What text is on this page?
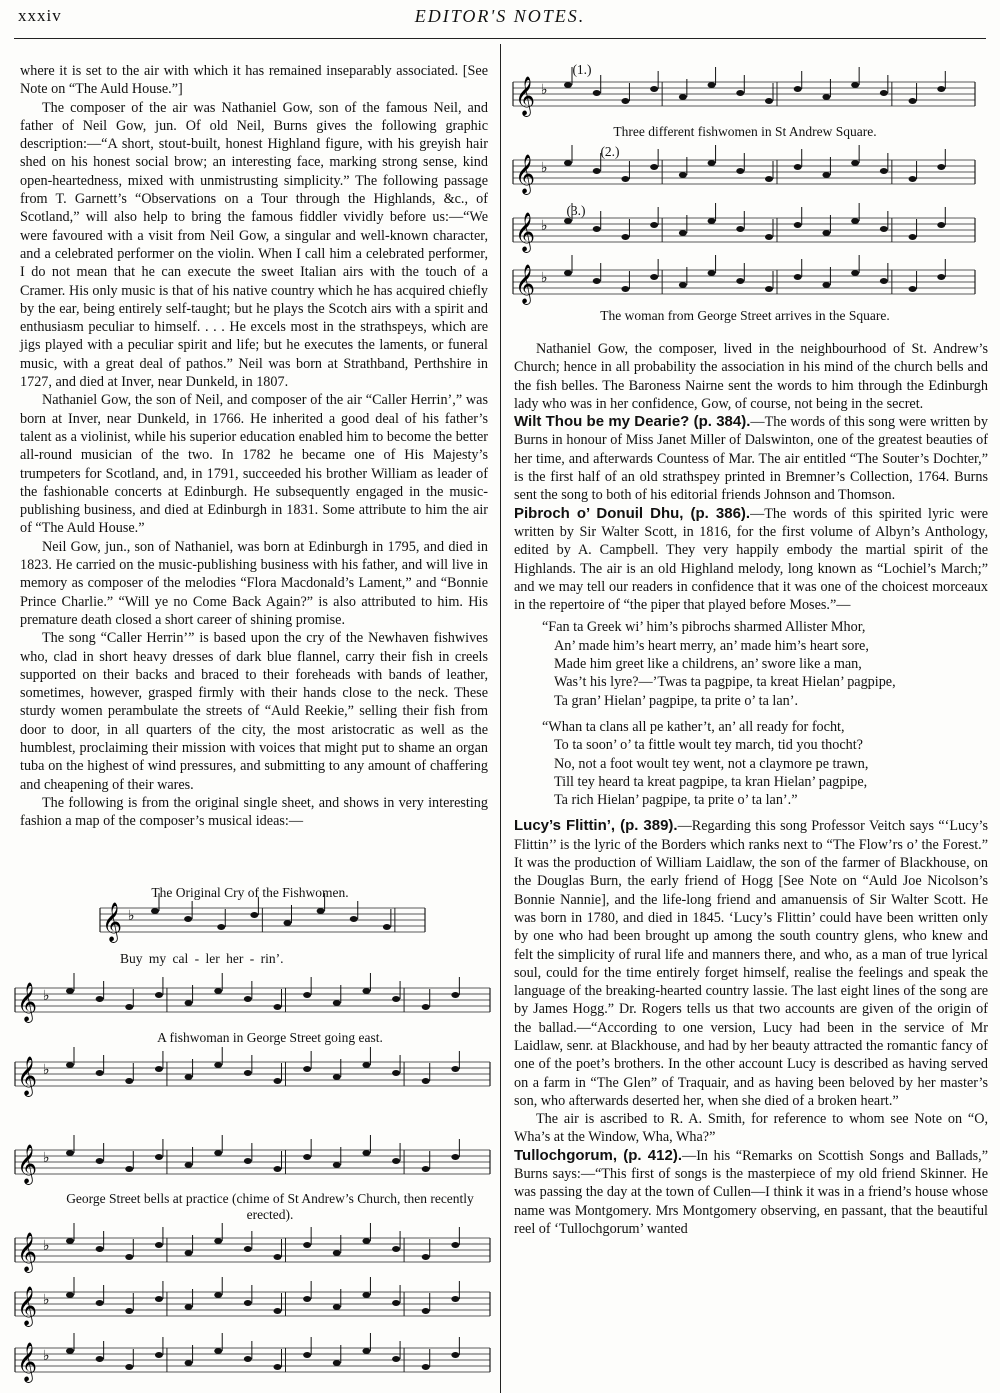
xxxiv	EDITOR'S NOTES.

where it is set to the air with which it has remained inseparably associated. [See Note on “The Auld House.”]

The composer of the air was Nathaniel Gow, son of the famous Neil, and father of Neil Gow, jun. Of old Neil, Burns gives the following graphic description:—“A short, stout-built, honest Highland figure, with his greyish hair shed on his honest social brow; an interesting face, marking strong sense, kind open-heartedness, mixed with unmistrusting simplicity.” The following passage from T. Garnett’s “Observations on a Tour through the Highlands, &c., of Scotland,” will also help to bring the famous fiddler vividly before us:—“We were favoured with a visit from Neil Gow, a singular and well-known character, and a celebrated performer on the violin. When I call him a celebrated performer, I do not mean that he can execute the sweet Italian airs with the touch of a Cramer. His only music is that of his native country which he has acquired chiefly by the ear, being entirely self-taught; but he plays the Scotch airs with a spirit and enthusiasm peculiar to himself. . . . He excels most in the strathspeys, which are jigs played with a peculiar spirit and life; but he executes the laments, or funeral music, with a great deal of pathos.” Neil was born at Strathband, Perthshire in 1727, and died at Inver, near Dunkeld, in 1807.

Nathaniel Gow, the son of Neil, and composer of the air “Caller Herrin’,” was born at Inver, near Dunkeld, in 1766. He inherited a good deal of his father’s talent as a violinist, while his superior education enabled him to become the better all-round musician of the two. In 1782 he became one of His Majesty’s trumpeters for Scotland, and, in 1791, succeeded his brother William as leader of the fashionable concerts at Edinburgh. He subsequently engaged in the music-publishing business, and died at Edinburgh in 1831. Some attribute to him the air of “The Auld House.”

Neil Gow, jun., son of Nathaniel, was born at Edinburgh in 1795, and died in 1823. He carried on the music-publishing business with his father, and will live in memory as composer of the melodies “Flora Macdonald’s Lament,” and “Bonnie Prince Charlie.” “Will ye no Come Back Again?” is also attributed to him. His premature death closed a short career of shining promise.

The song “Caller Herrin’” is based upon the cry of the Newhaven fishwives who, clad in short heavy dresses of dark blue flannel, carry their fish in creels supported on their backs and braced to their foreheads with bands of leather, sometimes, however, grasped firmly with their hands close to the neck. These sturdy women perambulate the streets of “Auld Reekie,” selling their fish from door to door, in all quarters of the city, the most aristocratic as well as the humblest, proclaiming their mission with voices that might put to shame an organ tuba on the highest of wind pressures, and submitting to any amount of chaffering and cheapening of their wares.

The following is from the original single sheet, and shows in very interesting fashion a map of the composer’s musical ideas:—

The Original Cry of the Fishwomen.
Buy my cal - ler her - rin’.
A fishwoman in George Street going east.
George Street bells at practice (chime of St Andrew’s Church, then recently erected).
(1.)
(2.)
(3.)
Three different fishwomen in St Andrew Square.
The woman from George Street arrives in the Square.
𝄞 ♭
𝄞 ♭
𝄞 ♭
𝄞 ♭
𝄞 ♭
𝄞 ♭
𝄞 ♭
𝄞 ♭
𝄞 ♭
𝄞 ♭
𝄞 ♭

Nathaniel Gow, the composer, lived in the neighbourhood of St. Andrew’s Church; hence in all probability the association in his mind of the church bells and the fish belles. The Baroness Nairne sent the words to him through the Edinburgh lady who was in her confidence, Gow, of course, not being in the secret.

Wilt Thou be my Dearie? (p. 384).—The words of this song were written by Burns in honour of Miss Janet Miller of Dalswinton, one of the greatest beauties of her time, and afterwards Countess of Mar. The air entitled “The Souter’s Dochter,” is the first half of an old strathspey printed in Bremner’s Collection, 1764. Burns sent the song to both of his editorial friends Johnson and Thomson.

Pibroch o’ Donuil Dhu, (p. 386).—The words of this spirited lyric were written by Sir Walter Scott, in 1816, for the first volume of Albyn’s Anthology, edited by A. Campbell. They very happily embody the martial spirit of the Highlands. The air is an old Highland melody, long known as “Lochiel’s March;” and we may tell our readers in confidence that it was one of the choicest morceaux in the repertoire of “the piper that played before Moses.”—

“Fan ta Greek wi’ him’s pibrochs sharmed Allister Mhor,
An’ made him’s heart merry, an’ made him’s heart sore,
Made him greet like a childrens, an’ swore like a man,
Was’t his lyre?—’Twas ta pagpipe, ta kreat Hielan’ pagpipe,
Ta gran’ Hielan’ pagpipe, ta prite o’ ta lan’.
“Whan ta clans all pe kather’t, an’ all ready for focht,
To ta soon’ o’ ta fittle woult tey march, tid you thocht?
No, not a foot woult tey went, not a claymore pe trawn,
Till tey heard ta kreat pagpipe, ta kran Hielan’ pagpipe,
Ta rich Hielan’ pagpipe, ta prite o’ ta lan’.”

Lucy’s Flittin’, (p. 389).—Regarding this song Professor Veitch says “‘Lucy’s Flittin’’ is the lyric of the Borders which ranks next to “The Flow’rs o’ the Forest.” It was the production of William Laidlaw, the son of the farmer of Blackhouse, on the Douglas Burn, the early friend of Hogg [See Note on “Auld Joe Nicolson’s Bonnie Nannie], and the life-long friend and amanuensis of Sir Walter Scott. He was born in 1780, and died in 1845. ‘Lucy’s Flittin’ could have been written only by one who had been brought up among the south country glens, who knew and felt the simplicity of rural life and manners there, and who, as a man of true lyrical soul, could for the time entirely forget himself, realise the feelings and speak the language of the breaking-hearted country lassie. The last eight lines of the song are by James Hogg.” Dr. Rogers tells us that two accounts are given of the origin of the ballad.—“According to one version, Lucy had been in the service of Mr Laidlaw, senr. at Blackhouse, and had by her beauty attracted the romantic fancy of one of the poet’s brothers. In the other account Lucy is described as having served on a farm in “The Glen” of Traquair, and as having been beloved by her master’s son, who afterwards deserted her, when she died of a broken heart.”

The air is ascribed to R. A. Smith, for reference to whom see Note on “O, Wha’s at the Window, Wha, Wha?”

Tullochgorum, (p. 412).—In his “Remarks on Scottish Songs and Ballads,” Burns says:—“This first of songs is the masterpiece of my old friend Skinner. He was passing the day at the town of Cullen—I think it was in a friend’s house whose name was Montgomery. Mrs Montgomery observing, en passant, that the beautiful reel of ‘Tullochgorum’ wanted
